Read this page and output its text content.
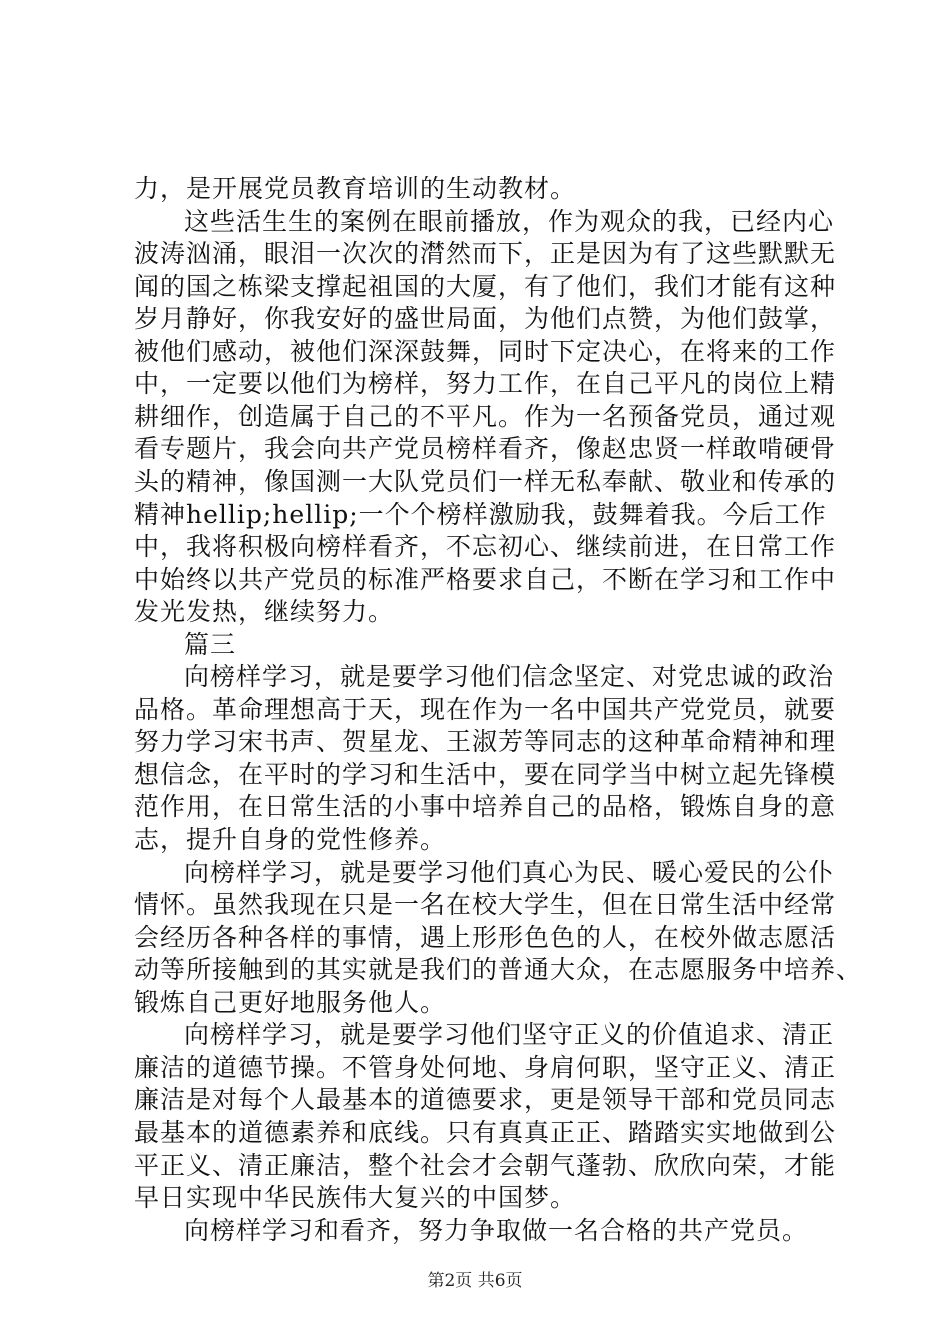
力，是开展党员教育培训的生动教材。
这些活生生的案例在眼前播放，作为观众的我，已经内心
波涛汹涌，眼泪一次次的潸然而下，正是因为有了这些默默无
闻的国之栋梁支撑起祖国的大厦，有了他们，我们才能有这种
岁月静好，你我安好的盛世局面，为他们点赞，为他们鼓掌，
被他们感动，被他们深深鼓舞，同时下定决心，在将来的工作
中，一定要以他们为榜样，努力工作，在自己平凡的岗位上精
耕细作，创造属于自己的不平凡。作为一名预备党员，通过观
看专题片，我会向共产党员榜样看齐，像赵忠贤一样敢啃硬骨
头的精神，像国测一大队党员们一样无私奉献、敬业和传承的
精神hellip;hellip;一个个榜样激励我，鼓舞着我。今后工作
中，我将积极向榜样看齐，不忘初心、继续前进，在日常工作
中始终以共产党员的标准严格要求自己，不断在学习和工作中
发光发热，继续努力。
篇三
向榜样学习，就是要学习他们信念坚定、对党忠诚的政治
品格。革命理想高于天，现在作为一名中国共产党党员，就要
努力学习宋书声、贺星龙、王淑芳等同志的这种革命精神和理
想信念，在平时的学习和生活中，要在同学当中树立起先锋模
范作用，在日常生活的小事中培养自己的品格，锻炼自身的意
志，提升自身的党性修养。
向榜样学习，就是要学习他们真心为民、暖心爱民的公仆
情怀。虽然我现在只是一名在校大学生，但在日常生活中经常
会经历各种各样的事情，遇上形形色色的人，在校外做志愿活
动等所接触到的其实就是我们的普通大众，在志愿服务中培养、
锻炼自己更好地服务他人。
向榜样学习，就是要学习他们坚守正义的价值追求、清正
廉洁的道德节操。不管身处何地、身肩何职，坚守正义、清正
廉洁是对每个人最基本的道德要求，更是领导干部和党员同志
最基本的道德素养和底线。只有真真正正、踏踏实实地做到公
平正义、清正廉洁，整个社会才会朝气蓬勃、欣欣向荣，才能
早日实现中华民族伟大复兴的中国梦。
向榜样学习和看齐，努力争取做一名合格的共产党员。
第2页 共6页
